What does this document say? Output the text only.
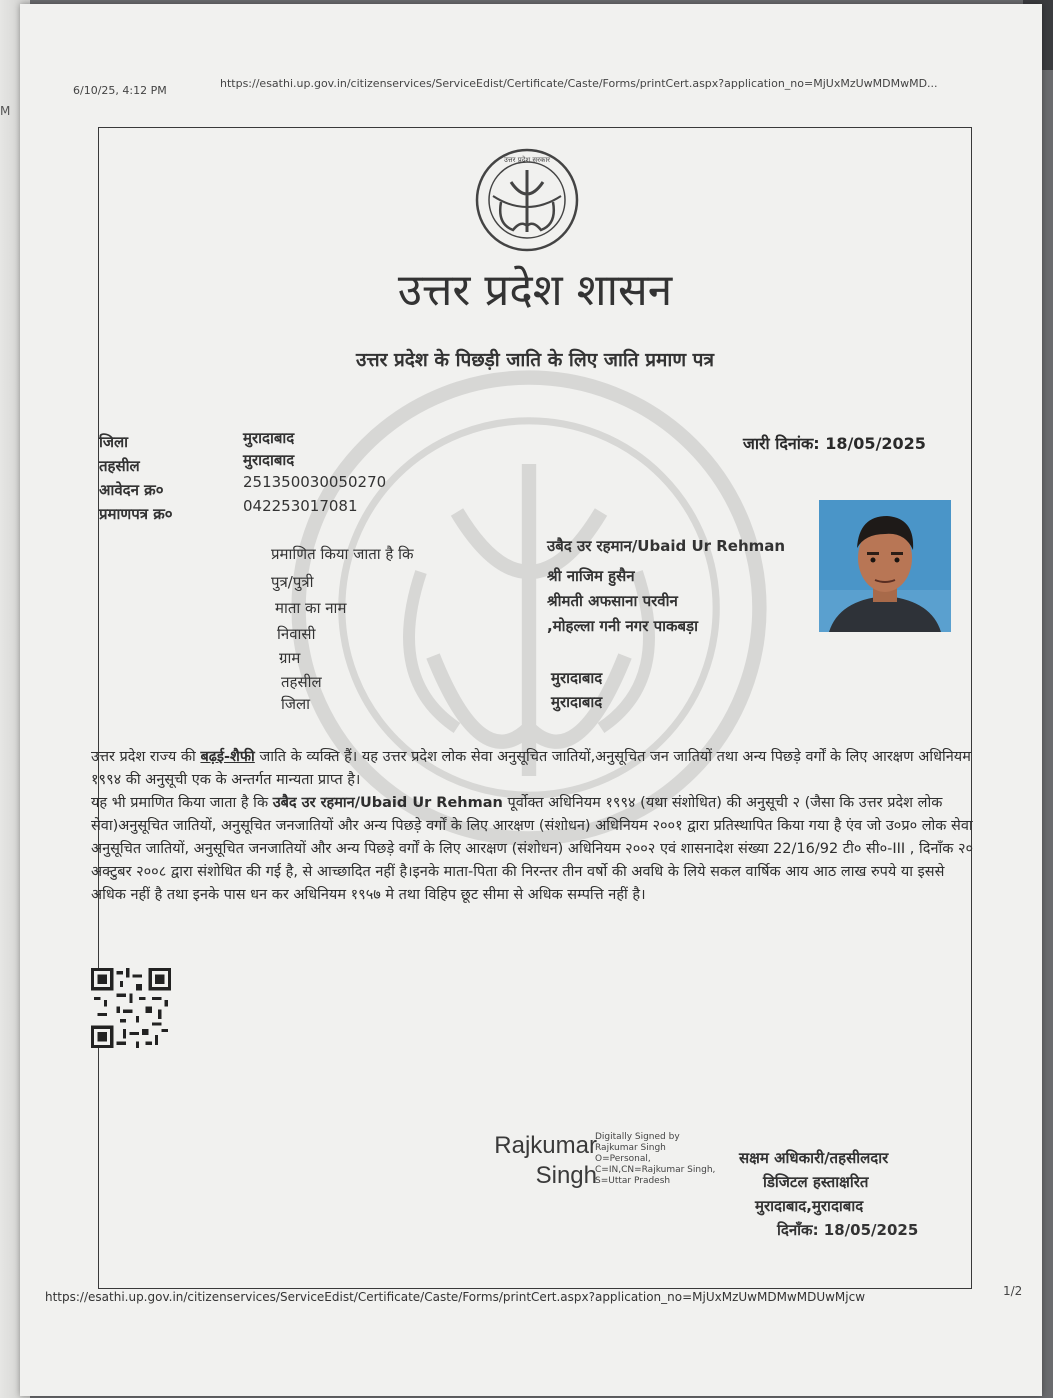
M
6/10/25, 4:12 PM
https://esathi.up.gov.in/citizenservices/ServiceEdist/Certificate/Caste/Forms/printCert.aspx?application_no=MjUxMzUwMDMwMD...
उत्तर प्रदेश सरकार
उत्तर प्रदेश शासन
उत्तर प्रदेश के पिछड़ी जाति के लिए जाति प्रमाण पत्र
जिला	मुरादाबाद
तहसील	मुरादाबाद
आवेदन क्र०	251350030050270
प्रमाणपत्र क्र०	042253017081
जारी दिनांक: 18/05/2025
प्रमाणित किया जाता है कि	उबैद उर रहमान/Ubaid Ur Rehman
पुत्र/पुत्री	श्री नाजिम हुसैन
माता का नाम	श्रीमती अफसाना परवीन
निवासी	,मोहल्ला गनी नगर पाकबड़ा
ग्राम
तहसील	मुरादाबाद
जिला	मुरादाबाद

उत्तर प्रदेश राज्य की बढ़ई-शैफी जाति के व्यक्ति हैं। यह उत्तर प्रदेश लोक सेवा अनुसूचित जातियों,अनुसूचित जन जातियों तथा अन्य पिछड़े वर्गों के लिए आरक्षण अधिनियम १९९४ की अनुसूची एक के अन्तर्गत मान्यता प्राप्त है।

यह भी प्रमाणित किया जाता है कि उबैद उर रहमान/Ubaid Ur Rehman पूर्वोक्त अधिनियम १९९४ (यथा संशोधित) की अनुसूची २ (जैसा कि उत्तर प्रदेश लोक सेवा)अनुसूचित जातियों, अनुसूचित जनजातियों और अन्य पिछड़े वर्गों के लिए आरक्षण (संशोधन) अधिनियम २००१ द्वारा प्रतिस्थापित किया गया है एंव जो उ०प्र० लोक सेवा अनुसूचित जातियों, अनुसूचित जनजातियों और अन्य पिछड़े वर्गों के लिए आरक्षण (संशोधन) अधिनियम २००२ एवं शासनादेश संख्या 22/16/92 टी० सी०-III , दिनाँक २० अक्टुबर २००८ द्वारा संशोधित की गई है, से आच्छादित नहीं है।इनके माता-पिता की निरन्तर तीन वर्षो की अवधि के लिये सकल वार्षिक आय आठ लाख रुपये या इससे अधिक नहीं है तथा इनके पास धन कर अधिनियम १९५७ मे तथा विहिप छूट सीमा से अधिक सम्पत्ति नहीं है।

Rajkumar
Singh
Digitally Signed by
Rajkumar Singh
O=Personal,
C=IN,CN=Rajkumar Singh,
S=Uttar Pradesh
सक्षम अधिकारी/तहसीलदार
डिजिटल हस्ताक्षरित
मुरादाबाद,मुरादाबाद
दिनाँक: 18/05/2025
https://esathi.up.gov.in/citizenservices/ServiceEdist/Certificate/Caste/Forms/printCert.aspx?application_no=MjUxMzUwMDMwMDUwMjcw	1/2
